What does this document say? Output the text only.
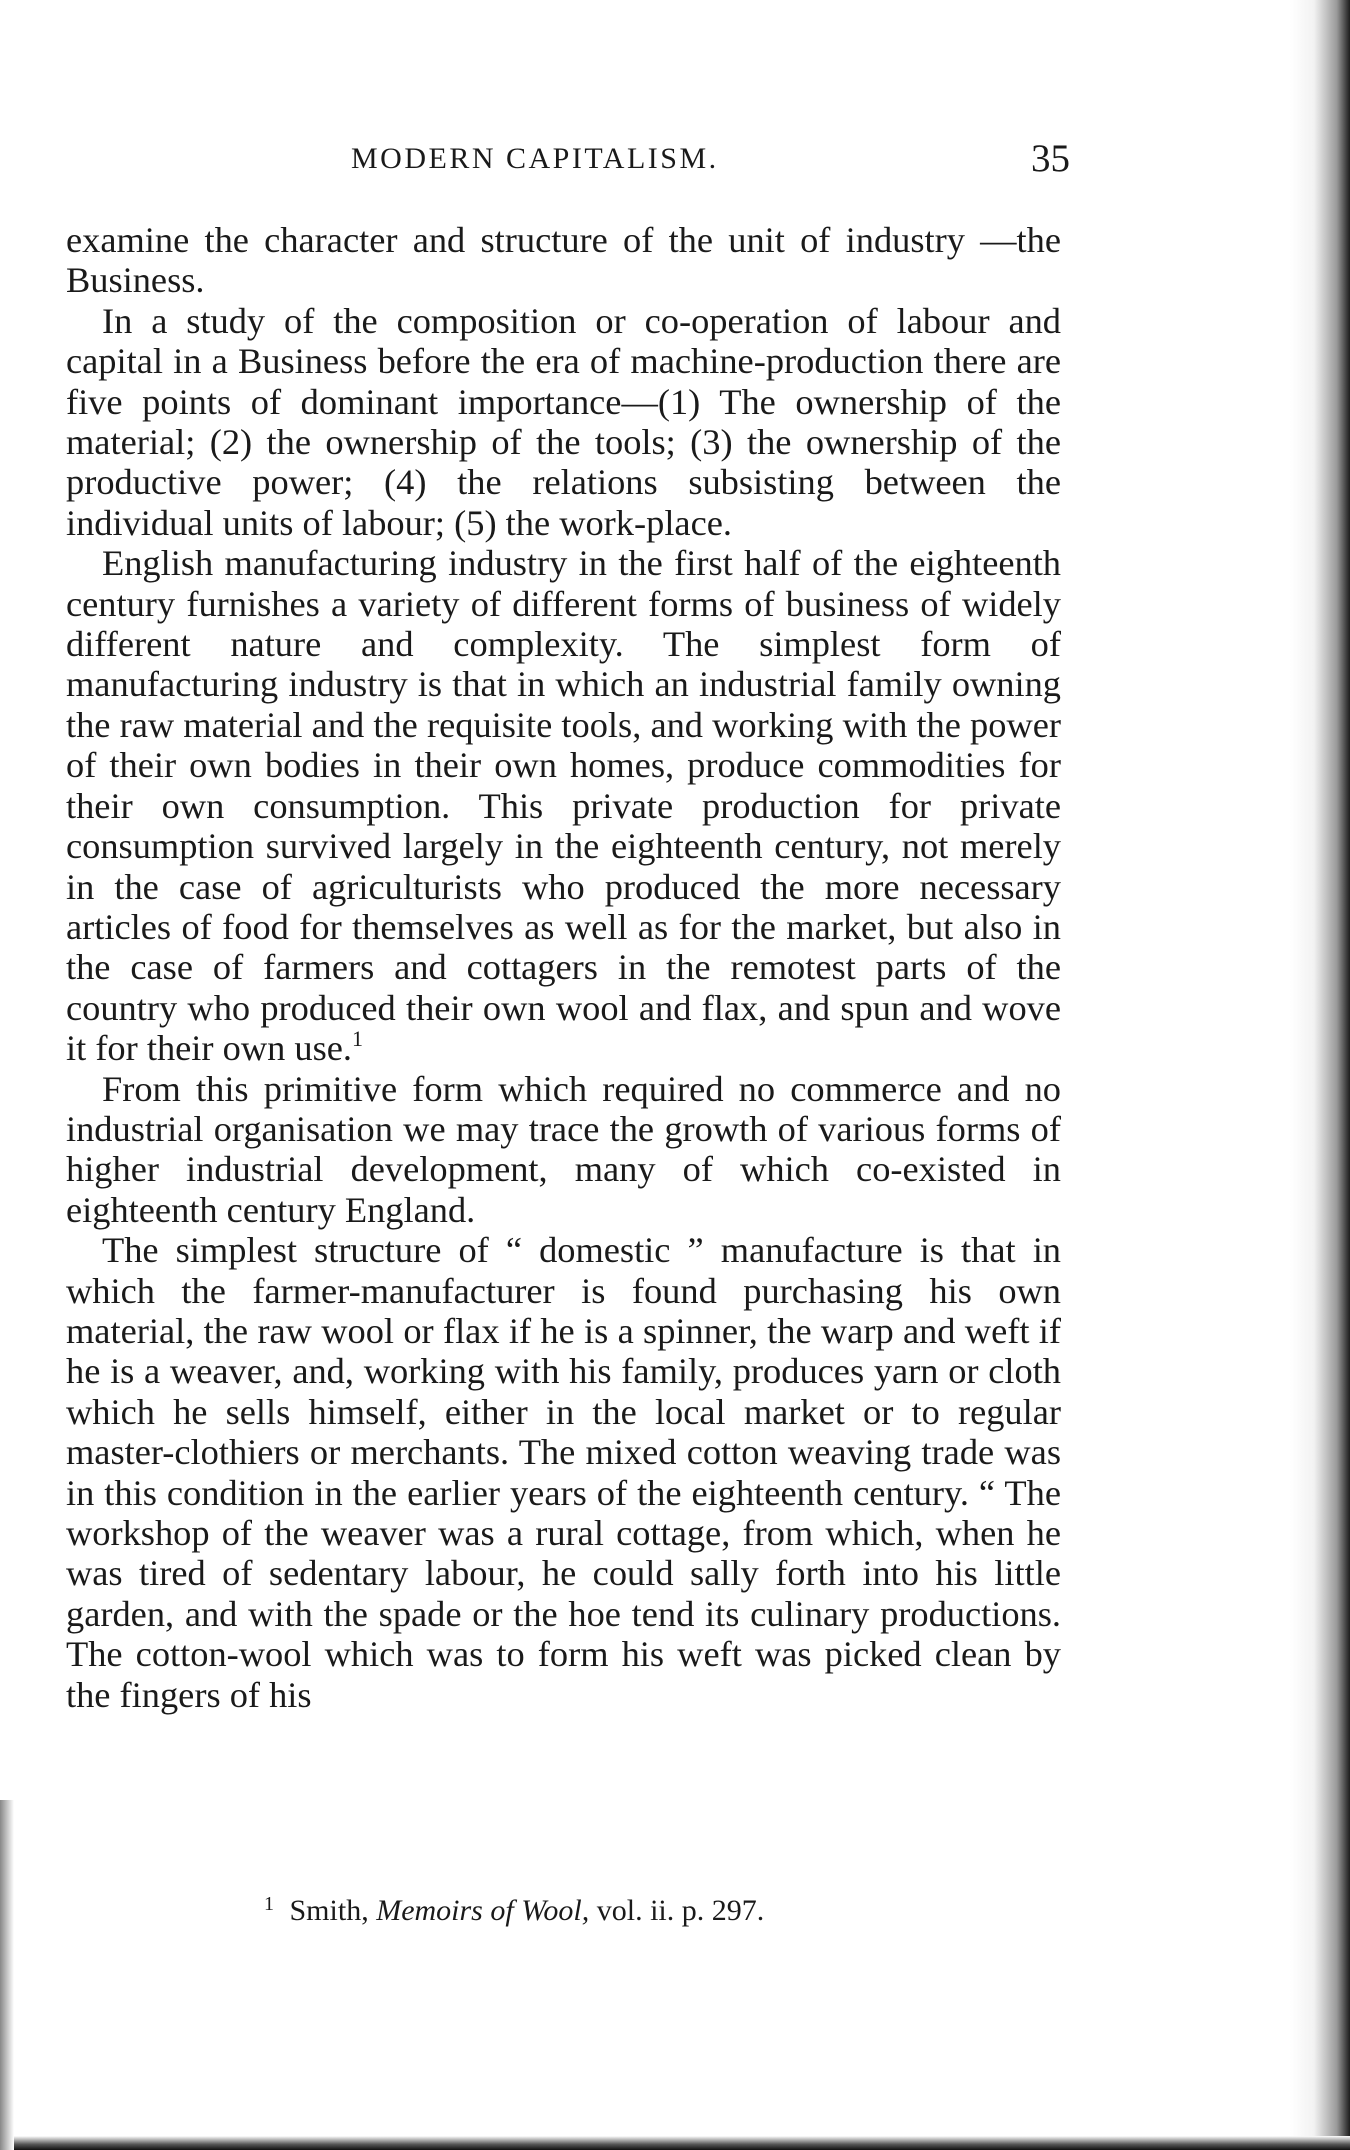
MODERN CAPITALISM.	35

examine the character and structure of the unit of industry —the Business.

In a study of the composition or co-operation of labour and capital in a Business before the era of machine-production there are five points of dominant importance—(1) The ownership of the material; (2) the ownership of the tools; (3) the ownership of the productive power; (4) the relations subsisting between the individual units of labour; (5) the work-place.

English manufacturing industry in the first half of the eighteenth century furnishes a variety of different forms of business of widely different nature and complexity. The simplest form of manufacturing industry is that in which an industrial family owning the raw material and the requisite tools, and working with the power of their own bodies in their own homes, produce commodities for their own consumption. This private production for private consumption survived largely in the eighteenth century, not merely in the case of agriculturists who produced the more necessary articles of food for themselves as well as for the market, but also in the case of farmers and cottagers in the remotest parts of the country who produced their own wool and flax, and spun and wove it for their own use.$^1$

From this primitive form which required no commerce and no industrial organisation we may trace the growth of various forms of higher industrial development, many of which co-existed in eighteenth century England.

The simplest structure of “ domestic ” manufacture is that in which the farmer-manufacturer is found purchasing his own material, the raw wool or flax if he is a spinner, the warp and weft if he is a weaver, and, working with his family, produces yarn or cloth which he sells himself, either in the local market or to regular master-clothiers or merchants. The mixed cotton weaving trade was in this condition in the earlier years of the eighteenth century. “ The workshop of the weaver was a rural cottage, from which, when he was tired of sedentary labour, he could sally forth into his little garden, and with the spade or the hoe tend its culinary productions. The cotton-wool which was to form his weft was picked clean by the fingers of his

$^1$ Smith, Memoirs of Wool, vol. ii. p. 297.
